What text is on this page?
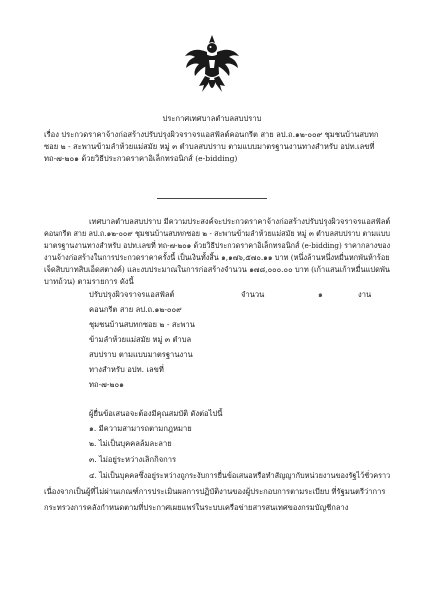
ประกาศเทศบาลตำบลสบปราบ
เรื่อง ประกวดราคาจ้างก่อสร้างปรับปรุงผิวจราจรแอสฟัลต์คอนกรีต สาย ลป.ถ.๑๒-๐๐๙ ชุมชนบ้านสบทก
ซอย ๒ - สะพานข้ามลำห้วยแม่สมัย หมู่ ๓ ตำบลสบปราบ ตามแบบมาตรฐานงานทางสำหรับ อปท.เลขที่
ทถ-๗-๒๐๑ ด้วยวิธีประกวดราคาอิเล็กทรอนิกส์ (e-bidding)
เทศบาลตำบลสบปราบ มีความประสงค์จะประกวดราคาจ้างก่อสร้างปรับปรุงผิวจราจรแอสฟัลต์
คอนกรีต สาย ลป.ถ.๑๒-๐๐๙ ชุมชนบ้านสบทกซอย ๒ - สะพานข้ามลำห้วยแม่สมัย หมู่ ๓ ตำบลสบปราบ ตามแบบ
มาตรฐานงานทางสำหรับ อปท.เลขที่ ทถ-๗-๒๐๑ ด้วยวิธีประกวดราคาอิเล็กทรอนิกส์ (e-bidding) ราคากลางของ
งานจ้างก่อสร้างในการประกวดราคาครั้งนี้ เป็นเงินทั้งสิ้น ๑,๑๗๖,๕๗๐.๑๑ บาท (หนึ่งล้านหนึ่งหมื่นหกพันห้าร้อย
เจ็ดสิบบาทสิบเอ็ดสตางค์) และงบประมาณในการก่อสร้างจำนวน ๑๗๘,๐๐๐.๐๐ บาท (เก้าแสนเก้าหมื่นแปดพัน
บาทถ้วน) ตามรายการ ดังนี้
ปรับปรุงผิวจราจรแอสฟัลต์
คอนกรีต สาย ลป.ถ.๑๒-๐๐๙
ชุมชนบ้านสบทกซอย ๒ - สะพาน
ข้ามลำห้วยแม่สมัย หมู่ ๓ ตำบล
สบปราบ ตามแบบมาตรฐานงาน
ทางสำหรับ อปท. เลขที่
ทถ-๗-๒๐๑
จำนวน	๑	งาน
ผู้ยื่นข้อเสนอจะต้องมีคุณสมบัติ ดังต่อไปนี้
๑. มีความสามารถตามกฎหมาย
๒. ไม่เป็นบุคคลล้มละลาย
๓. ไม่อยู่ระหว่างเลิกกิจการ
๔. ไม่เป็นบุคคลซึ่งอยู่ระหว่างถูกระงับการยื่นข้อเสนอหรือทำสัญญากับหน่วยงานของรัฐไว้ชั่วคราว
เนื่องจากเป็นผู้ที่ไม่ผ่านเกณฑ์การประเมินผลการปฏิบัติงานของผู้ประกอบการตามระเบียบ ที่รัฐมนตรีว่าการ
กระทรวงการคลังกำหนดตามที่ประกาศเผยแพร่ในระบบเครือข่ายสารสนเทศของกรมบัญชีกลาง
